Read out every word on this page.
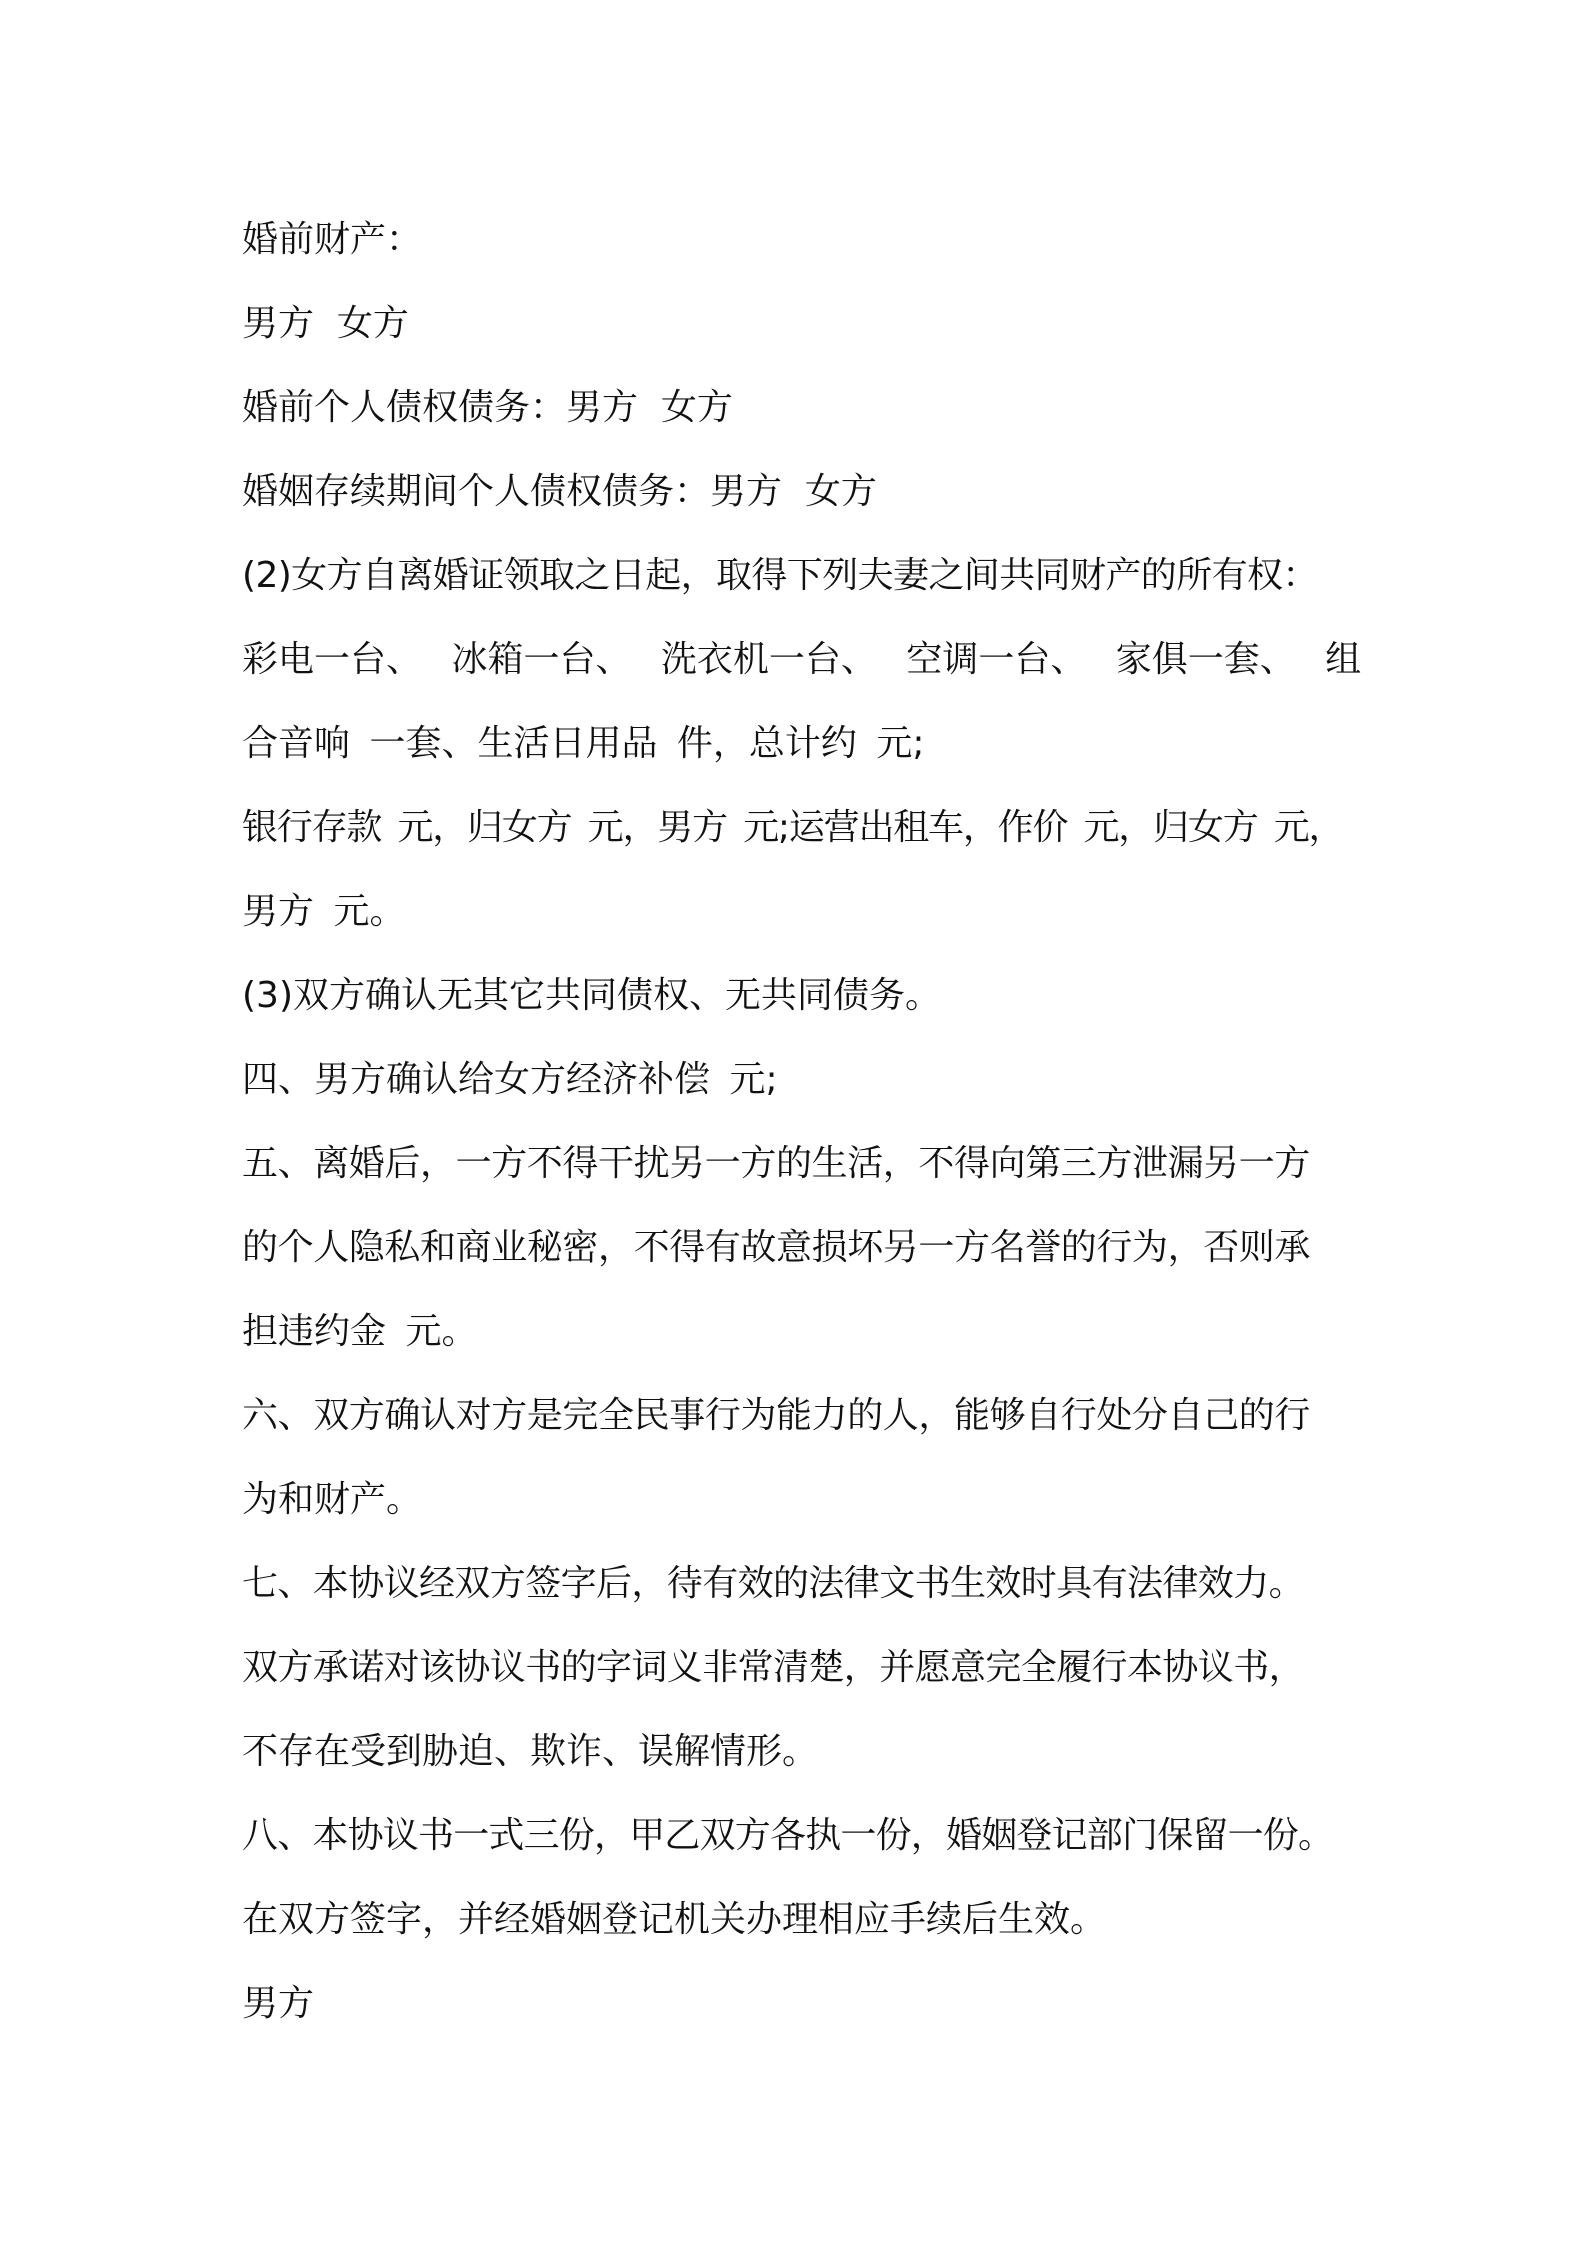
婚前财产：

男方  女方

婚前个人债权债务：男方  女方

婚姻存续期间个人债权债务：男方  女方

(2)女方自离婚证领取之日起，取得下列夫妻之间共同财产的所有权：

彩电一台、 冰箱一台、 洗衣机一台、 空调一台、 家俱一套、 组

合音响 一套、生活日用品 件，总计约 元;

银行存款 元，归女方 元，男方 元;运营出租车，作价 元，归女方 元，

男方 元。

(3)双方确认无其它共同债权、无共同债务。

四、男方确认给女方经济补偿 元;

五、离婚后，一方不得干扰另一方的生活，不得向第三方泄漏另一方

的个人隐私和商业秘密，不得有故意损坏另一方名誉的行为，否则承

担违约金 元。

六、双方确认对方是完全民事行为能力的人，能够自行处分自己的行

为和财产。

七、本协议经双方签字后，待有效的法律文书生效时具有法律效力。

双方承诺对该协议书的字词义非常清楚，并愿意完全履行本协议书，

不存在受到胁迫、欺诈、误解情形。

八、本协议书一式三份，甲乙双方各执一份，婚姻登记部门保留一份。

在双方签字，并经婚姻登记机关办理相应手续后生效。

男方
